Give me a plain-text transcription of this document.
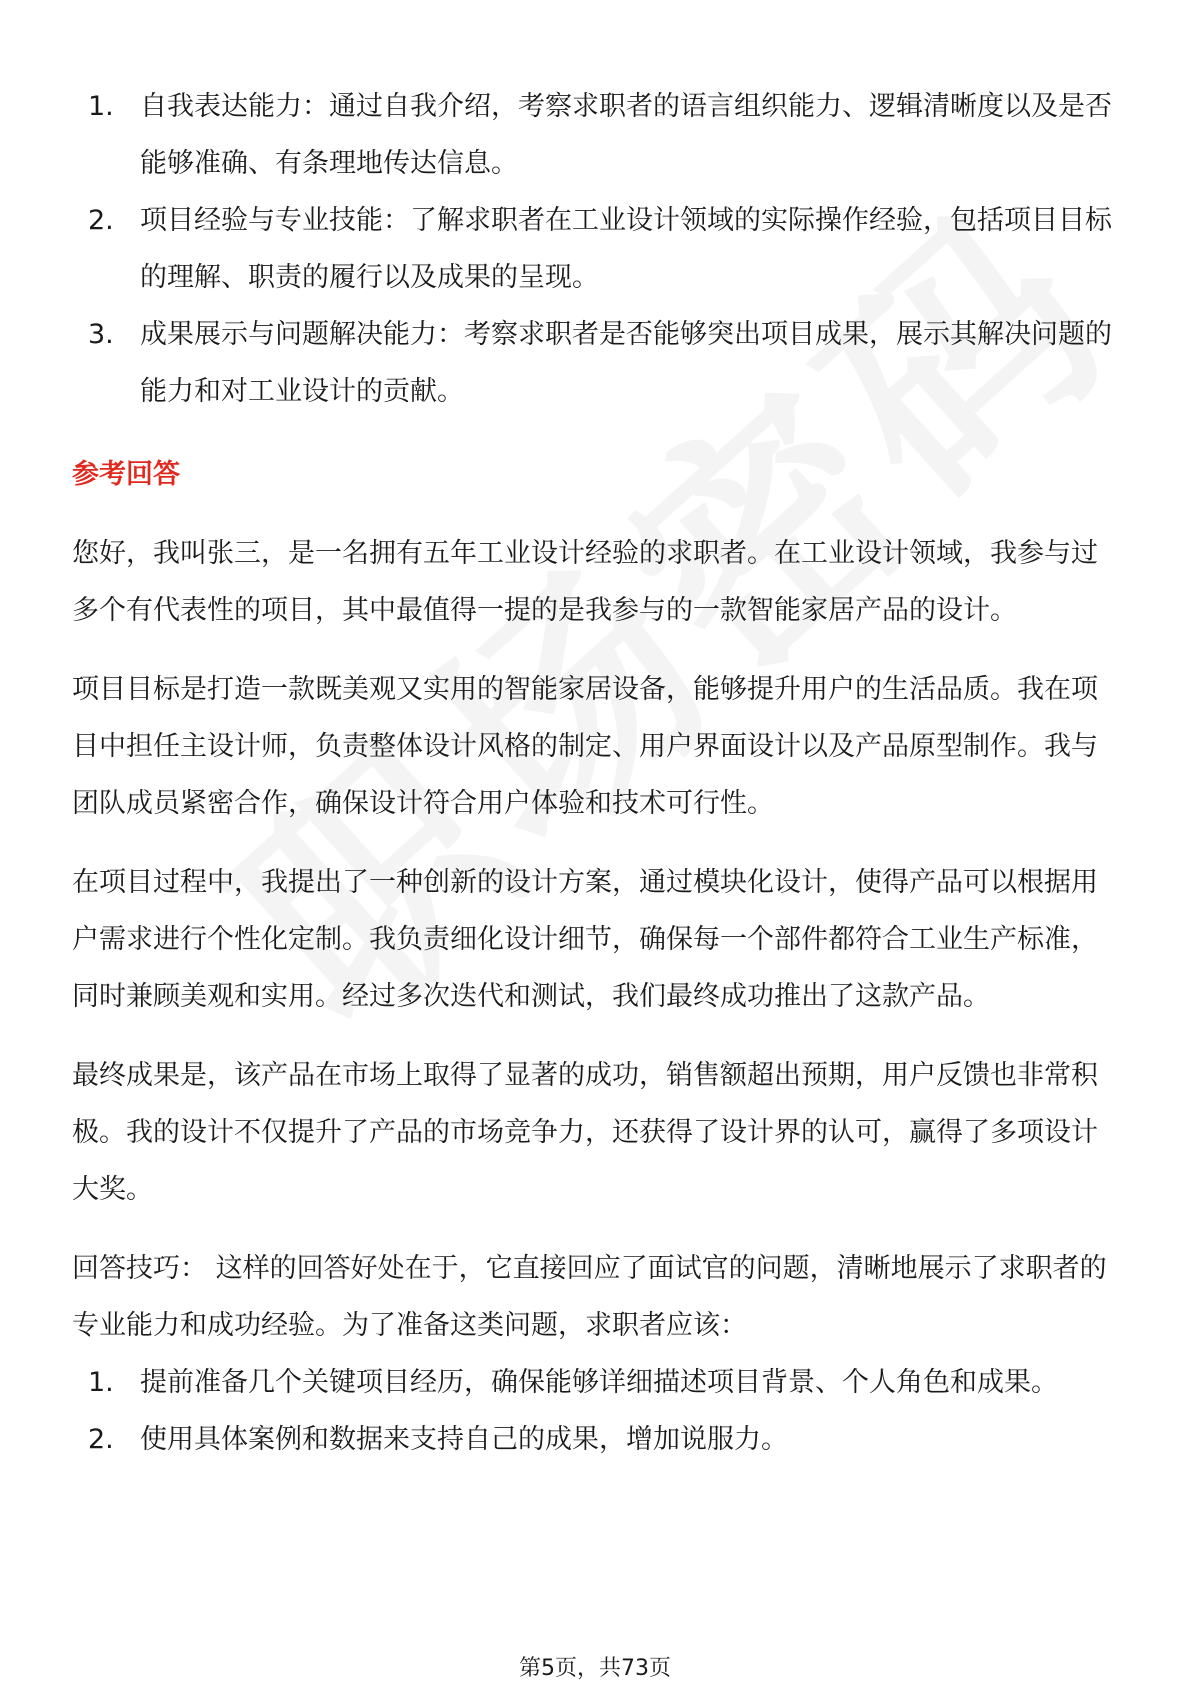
1. 自我表达能力：通过自我介绍，考察求职者的语言组织能力、逻辑清晰度以及是否能够准确、有条理地传达信息。
2. 项目经验与专业技能：了解求职者在工业设计领域的实际操作经验，包括项目目标的理解、职责的履行以及成果的呈现。
3. 成果展示与问题解决能力：考察求职者是否能够突出项目成果，展示其解决问题的能力和对工业设计的贡献。
参考回答

您好，我叫张三，是一名拥有五年工业设计经验的求职者。在工业设计领域，我参与过多个有代表性的项目，其中最值得一提的是我参与的一款智能家居产品的设计。

项目目标是打造一款既美观又实用的智能家居设备，能够提升用户的生活品质。我在项目中担任主设计师，负责整体设计风格的制定、用户界面设计以及产品原型制作。我与团队成员紧密合作，确保设计符合用户体验和技术可行性。

在项目过程中，我提出了一种创新的设计方案，通过模块化设计，使得产品可以根据用户需求进行个性化定制。我负责细化设计细节，确保每一个部件都符合工业生产标准，同时兼顾美观和实用。经过多次迭代和测试，我们最终成功推出了这款产品。

最终成果是，该产品在市场上取得了显著的成功，销售额超出预期，用户反馈也非常积极。我的设计不仅提升了产品的市场竞争力，还获得了设计界的认可，赢得了多项设计大奖。

回答技巧： 这样的回答好处在于，它直接回应了面试官的问题，清晰地展示了求职者的专业能力和成功经验。为了准备这类问题，求职者应该：

1. 提前准备几个关键项目经历，确保能够详细描述项目背景、个人角色和成果。
2. 使用具体案例和数据来支持自己的成果，增加说服力。
第5页，共73页
